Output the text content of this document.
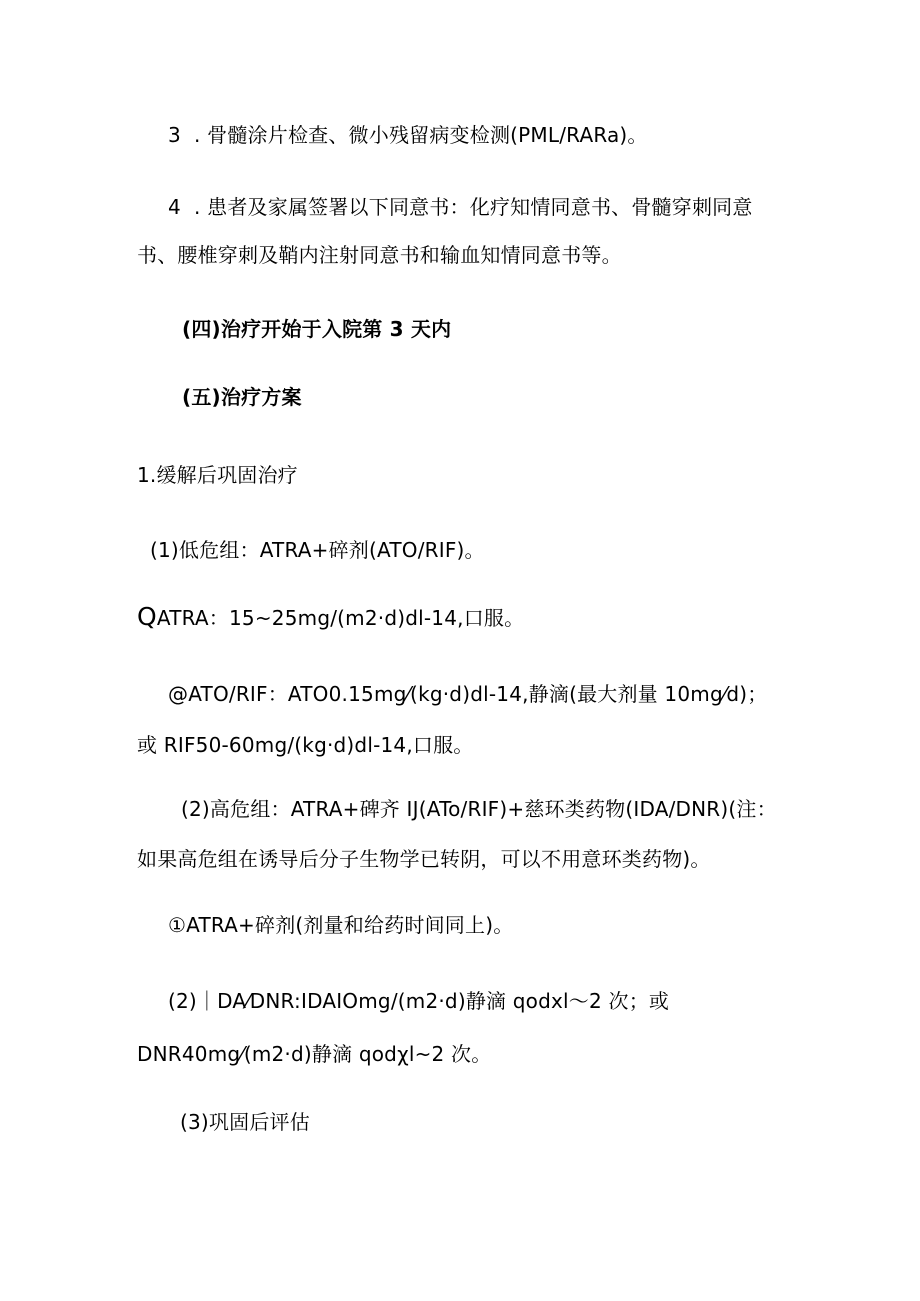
3  . 骨髓涂片检查、微小残留病变检测(PML/RARa)。
4  . 患者及家属签署以下同意书：化疗知情同意书、骨髓穿刺同意
书、腰椎穿刺及鞘内注射同意书和输血知情同意书等。
(四)治疗开始于入院第 3 天内
(五)治疗方案
1.缓解后巩固治疗
(1)低危组：ATRA+碎剂(ATO/RIF)。
QATRA：15~25mg/(m2·d)dl-14,口服。
@ATO/RIF：ATO0.15mg⁄(kg·d)dl-14,静滴(最大剂量 10mg⁄d)；
或 RIF50-60mg/(kg·d)dl-14,口服。
(2)高危组：ATRA+碑齐 IJ(ATo/RIF)+慈环类药物(IDA/DNR)(注：
如果高危组在诱导后分子生物学已转阴，可以不用意环类药物)。
①ATRA+碎剂(剂量和给药时间同上)。
(2)｜DA⁄DNR:IDAIOmg/(m2·d)静滴 qodxl～2 次；或
DNR40mg⁄(m2·d)静滴 qodχl~2 次。
(3)巩固后评估
